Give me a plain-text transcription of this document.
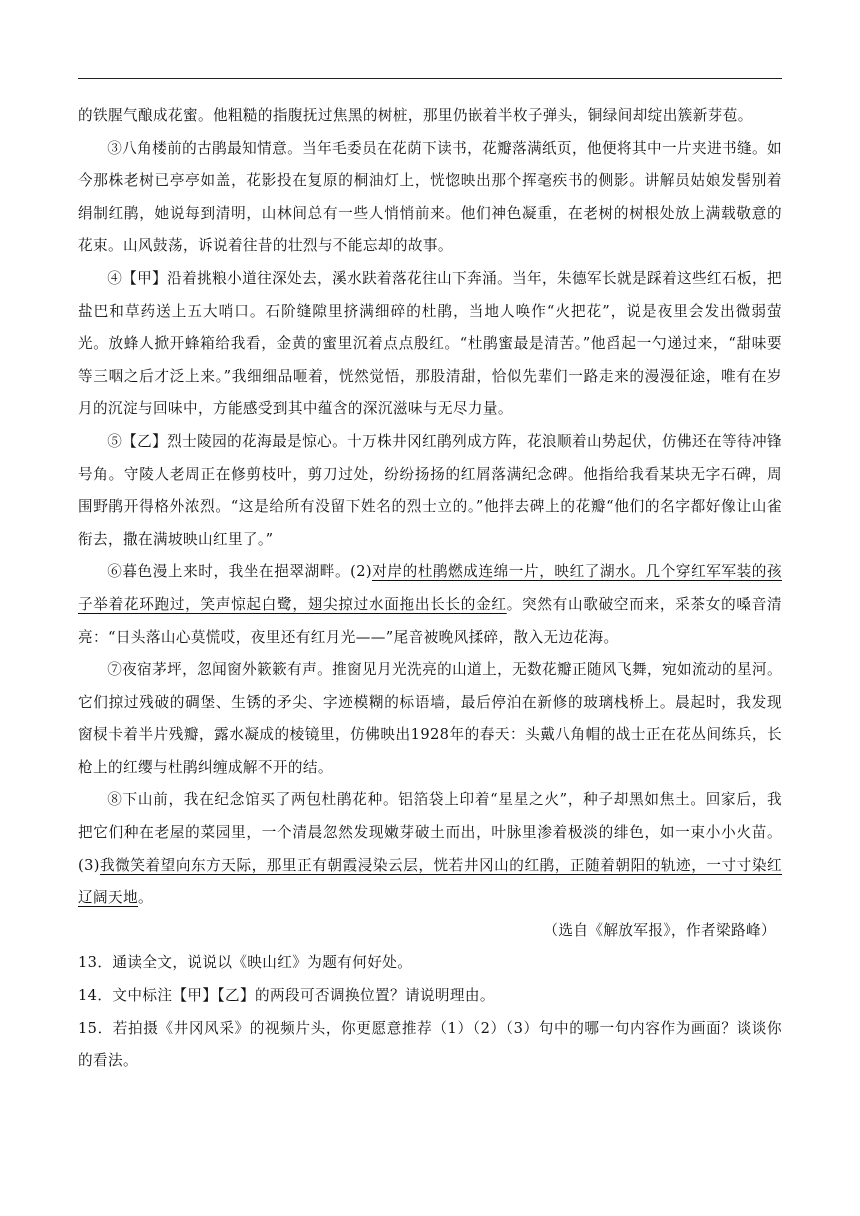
的铁腥气酿成花蜜。他粗糙的指腹抚过焦黑的树桩，那里仍嵌着半枚子弹头，铜绿间却绽出簇新芽苞。

③八角楼前的古鹃最知情意。当年毛委员在花荫下读书，花瓣落满纸页，他便将其中一片夹进书缝。如今那株老树已亭亭如盖，花影投在复原的桐油灯上，恍惚映出那个挥毫疾书的侧影。讲解员姑娘发髻别着绢制红鹃，她说每到清明，山林间总有一些人悄悄前来。他们神色凝重，在老树的树根处放上满载敬意的花束。山风鼓荡，诉说着往昔的壮烈与不能忘却的故事。

④【甲】沿着挑粮小道往深处去，溪水趺着落花往山下奔涌。当年，朱德军长就是踩着这些红石板，把盐巴和草药送上五大哨口。石阶缝隙里挤满细碎的杜鹃，当地人唤作“火把花”，说是夜里会发出微弱萤光。放蜂人掀开蜂箱给我看，金黄的蜜里沉着点点殷红。“杜鹃蜜最是清苦。”他舀起一勺递过来，“甜味要等三咽之后才泛上来。”我细细品咂着，恍然觉悟，那股清甜，恰似先辈们一路走来的漫漫征途，唯有在岁月的沉淀与回味中，方能感受到其中蕴含的深沉滋味与无尽力量。

⑤【乙】烈士陵园的花海最是惊心。十万株井冈红鹃列成方阵，花浪顺着山势起伏，仿佛还在等待冲锋号角。守陵人老周正在修剪枝叶，剪刀过处，纷纷扬扬的红屑落满纪念碑。他指给我看某块无字石碑，周围野鹃开得格外浓烈。“这是给所有没留下姓名的烈士立的。”他拌去碑上的花瓣“他们的名字都好像让山雀衔去，撒在满坡映山红里了。”

⑥暮色漫上来时，我坐在挹翠湖畔。(2)对岸的杜鹃燃成连绵一片，映红了湖水。几个穿红军军装的孩子举着花环跑过，笑声惊起白鹭，翅尖掠过水面拖出长长的金红。突然有山歌破空而来，采茶女的嗓音清亮：“日头落山心莫慌哎，夜里还有红月光——”尾音被晚风揉碎，散入无边花海。

⑦夜宿茅坪，忽闻窗外簌簌有声。推窗见月光洗亮的山道上，无数花瓣正随风飞舞，宛如流动的星河。它们掠过残破的碉堡、生锈的矛尖、字迹模糊的标语墙，最后停泊在新修的玻璃栈桥上。晨起时，我发现窗棂卡着半片残瓣，露水凝成的棱镜里，仿佛映出1928年的春天：头戴八角帽的战士正在花丛间练兵，长枪上的红缨与杜鹃纠缠成解不开的结。

⑧下山前，我在纪念馆买了两包杜鹃花种。铝箔袋上印着“星星之火”，种子却黑如焦土。回家后，我把它们种在老屋的菜园里，一个清晨忽然发现嫩芽破土而出，叶脉里渗着极淡的绯色，如一束小小火苗。(3)我微笑着望向东方天际，那里正有朝霞浸染云层，恍若井冈山的红鹃，正随着朝阳的轨迹，一寸寸染红辽阔天地。

（选自《解放军报》，作者梁路峰）

13．通读全文，说说以《映山红》为题有何好处。

14．文中标注【甲】【乙】的两段可否调换位置？请说明理由。

15．若拍摄《井冈风采》的视频片头，你更愿意推荐（1）（2）（3）句中的哪一句内容作为画面？谈谈你的看法。
